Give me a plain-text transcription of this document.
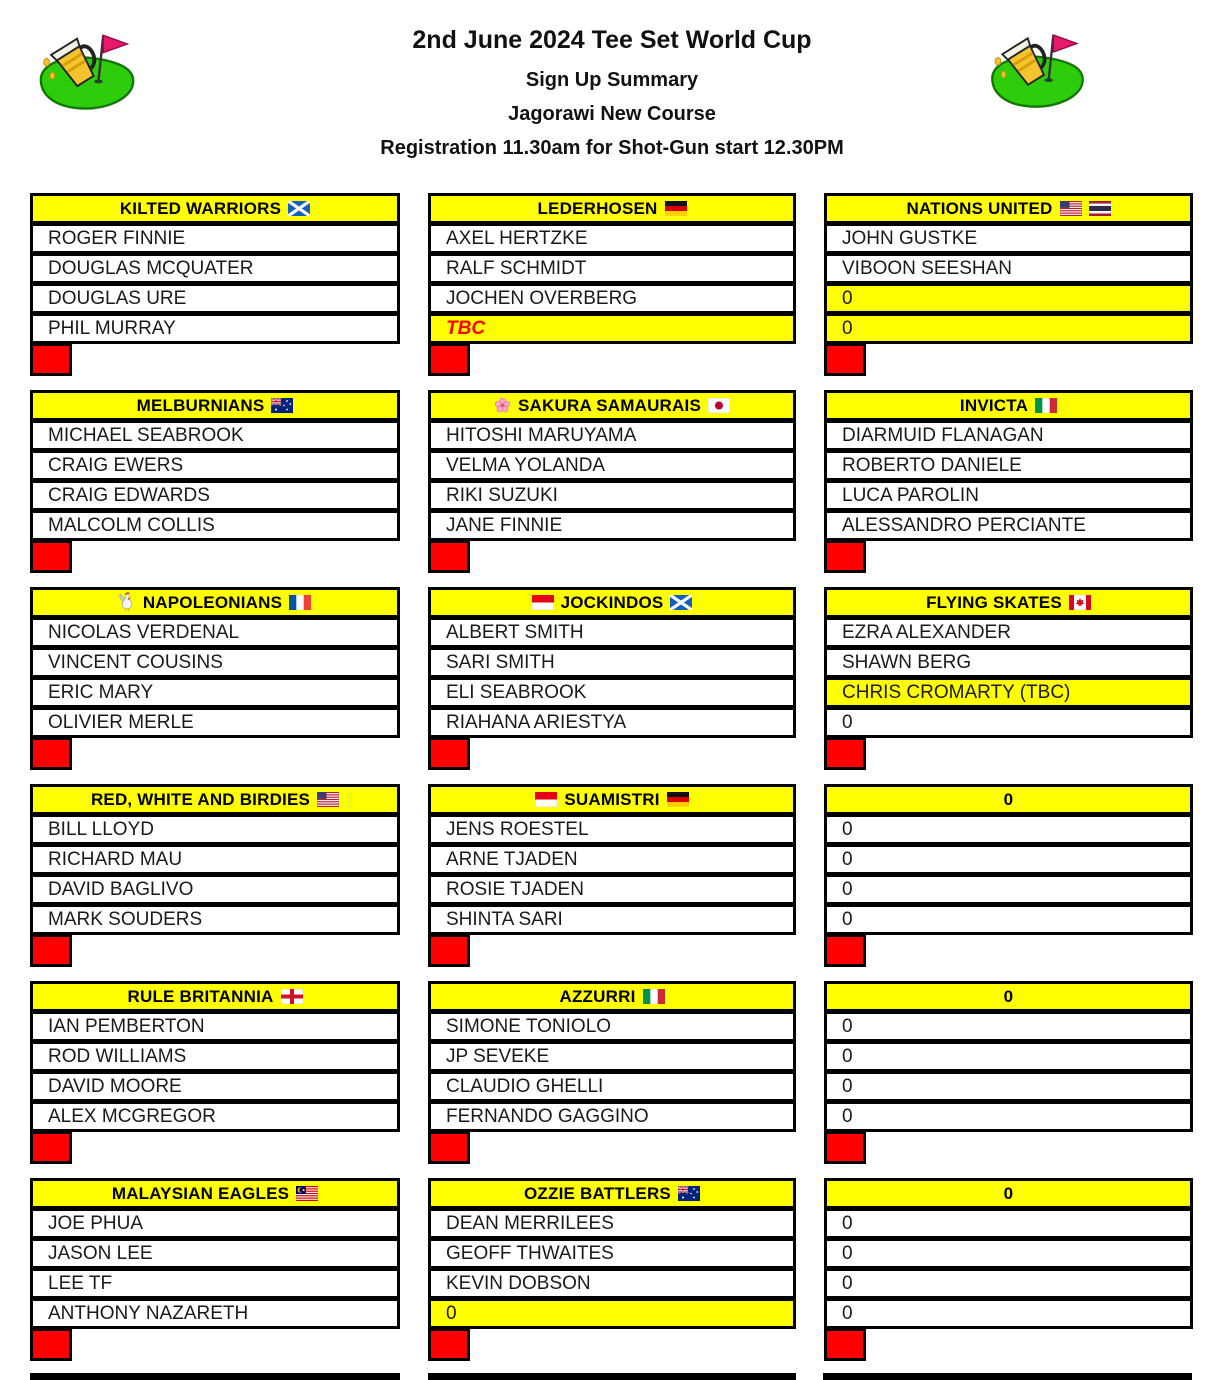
2nd June 2024 Tee Set World Cup
Sign Up Summary
Jagorawi New Course
Registration 11.30am for Shot-Gun start 12.30PM
KILTED WARRIORS
ROGER FINNIE
DOUGLAS MCQUATER
DOUGLAS URE
PHIL MURRAY
LEDERHOSEN
AXEL HERTZKE
RALF SCHMIDT
JOCHEN OVERBERG
TBC
NATIONS UNITED
JOHN GUSTKE
VIBOON SEESHAN
0
0
MELBURNIANS
MICHAEL SEABROOK
CRAIG EWERS
CRAIG EDWARDS
MALCOLM COLLIS
SAKURA SAMAURAIS
HITOSHI MARUYAMA
VELMA YOLANDA
RIKI SUZUKI
JANE FINNIE
INVICTA
DIARMUID FLANAGAN
ROBERTO DANIELE
LUCA PAROLIN
ALESSANDRO PERCIANTE
NAPOLEONIANS
NICOLAS VERDENAL
VINCENT COUSINS
ERIC MARY
OLIVIER MERLE
JOCKINDOS
ALBERT SMITH
SARI SMITH
ELI SEABROOK
RIAHANA ARIESTYA
FLYING SKATES
EZRA ALEXANDER
SHAWN BERG
CHRIS CROMARTY (TBC)
0
RED, WHITE AND BIRDIES
BILL LLOYD
RICHARD MAU
DAVID BAGLIVO
MARK SOUDERS
SUAMISTRI
JENS ROESTEL
ARNE TJADEN
ROSIE TJADEN
SHINTA SARI
0
0
0
0
0
RULE BRITANNIA
IAN PEMBERTON
ROD WILLIAMS
DAVID MOORE
ALEX MCGREGOR
AZZURRI
SIMONE TONIOLO
JP SEVEKE
CLAUDIO GHELLI
FERNANDO GAGGINO
0
0
0
0
0
MALAYSIAN EAGLES
JOE PHUA
JASON LEE
LEE TF
ANTHONY NAZARETH
OZZIE BATTLERS
DEAN MERRILEES
GEOFF THWAITES
KEVIN DOBSON
0
0
0
0
0
0
